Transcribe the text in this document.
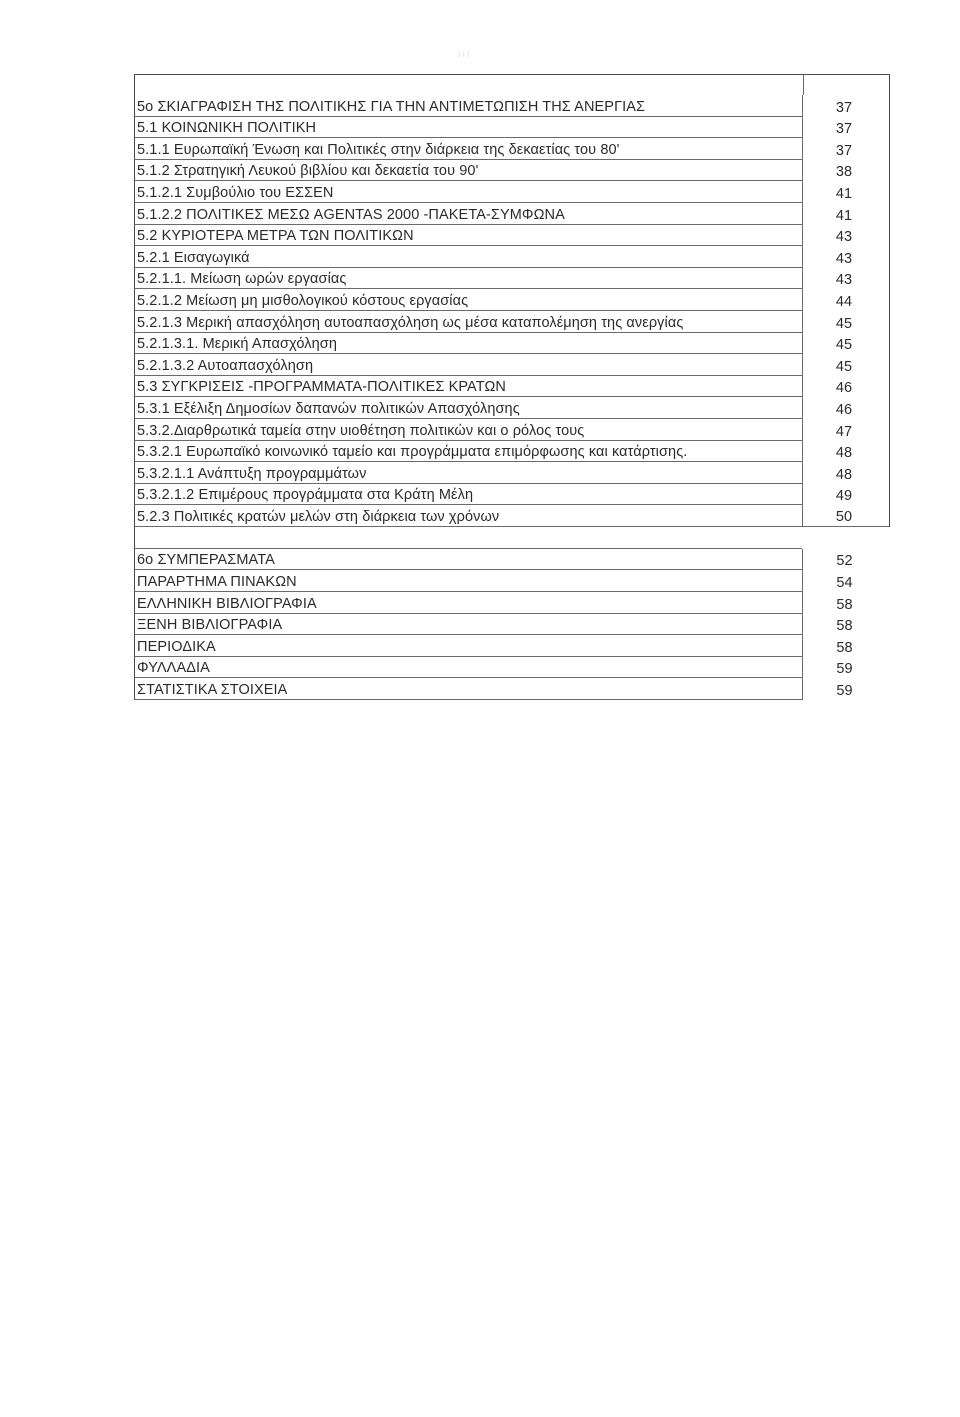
ιιι
5ο ΣΚΙΑΓΡΑΦΙΣΗ ΤΗΣ ΠΟΛΙΤΙΚΗΣ ΓΙΑ ΤΗΝ ΑΝΤΙΜΕΤΩΠΙΣΗ ΤΗΣ ΑΝΕΡΓΙΑΣ	37
5.1 ΚΟΙΝΩΝΙΚΗ ΠΟΛΙΤΙΚΗ	37
5.1.1 Ευρωπαϊκή Ένωση και Πολιτικές στην διάρκεια της δεκαετίας του 80'	37
5.1.2 Στρατηγική Λευκού βιβλίου και δεκαετία του 90'	38
5.1.2.1 Συμβούλιο του ΕΣΣΕΝ	41
5.1.2.2 ΠΟΛΙΤΙΚΕΣ ΜΕΣΩ AGENTAS 2000 -ΠΑΚΕΤΑ-ΣΥΜΦΩΝΑ	41
5.2 ΚΥΡΙΟΤΕΡΑ ΜΕΤΡΑ ΤΩΝ ΠΟΛΙΤΙΚΩΝ	43
5.2.1 Εισαγωγικά	43
5.2.1.1. Μείωση ωρών εργασίας	43
5.2.1.2 Μείωση μη μισθολογικού κόστους εργασίας	44
5.2.1.3 Μερική απασχόληση αυτοαπασχόληση ως μέσα καταπολέμηση της ανεργίας	45
5.2.1.3.1. Μερική Απασχόληση	45
5.2.1.3.2 Αυτοαπασχόληση	45
5.3 ΣΥΓΚΡΙΣΕΙΣ -ΠΡΟΓΡΑΜΜΑΤΑ-ΠΟΛΙΤΙΚΕΣ ΚΡΑΤΩΝ	46
5.3.1 Εξέλιξη Δημοσίων δαπανών πολιτικών Απασχόλησης	46
5.3.2.Διαρθρωτικά ταμεία στην υιοθέτηση πολιτικών και ο ρόλος τους	47
5.3.2.1 Ευρωπαϊκό κοινωνικό ταμείο και προγράμματα επιμόρφωσης και κατάρτισης.	48
5.3.2.1.1 Ανάπτυξη προγραμμάτων	48
5.3.2.1.2 Επιμέρους προγράμματα στα Κράτη Μέλη	49
5.2.3 Πολιτικές κρατών μελών στη διάρκεια των χρόνων	50
6ο ΣΥΜΠΕΡΑΣΜΑΤΑ	52
ΠΑΡΑΡΤΗΜΑ ΠΙΝΑΚΩΝ	54
ΕΛΛΗΝΙΚΗ ΒΙΒΛΙΟΓΡΑΦΙΑ	58
ΞΕΝΗ ΒΙΒΛΙΟΓΡΑΦΙΑ	58
ΠΕΡΙΟΔΙΚΑ	58
ΦΥΛΛΑΔΙΑ	59
ΣΤΑΤΙΣΤΙΚΑ ΣΤΟΙΧΕΙΑ	59
